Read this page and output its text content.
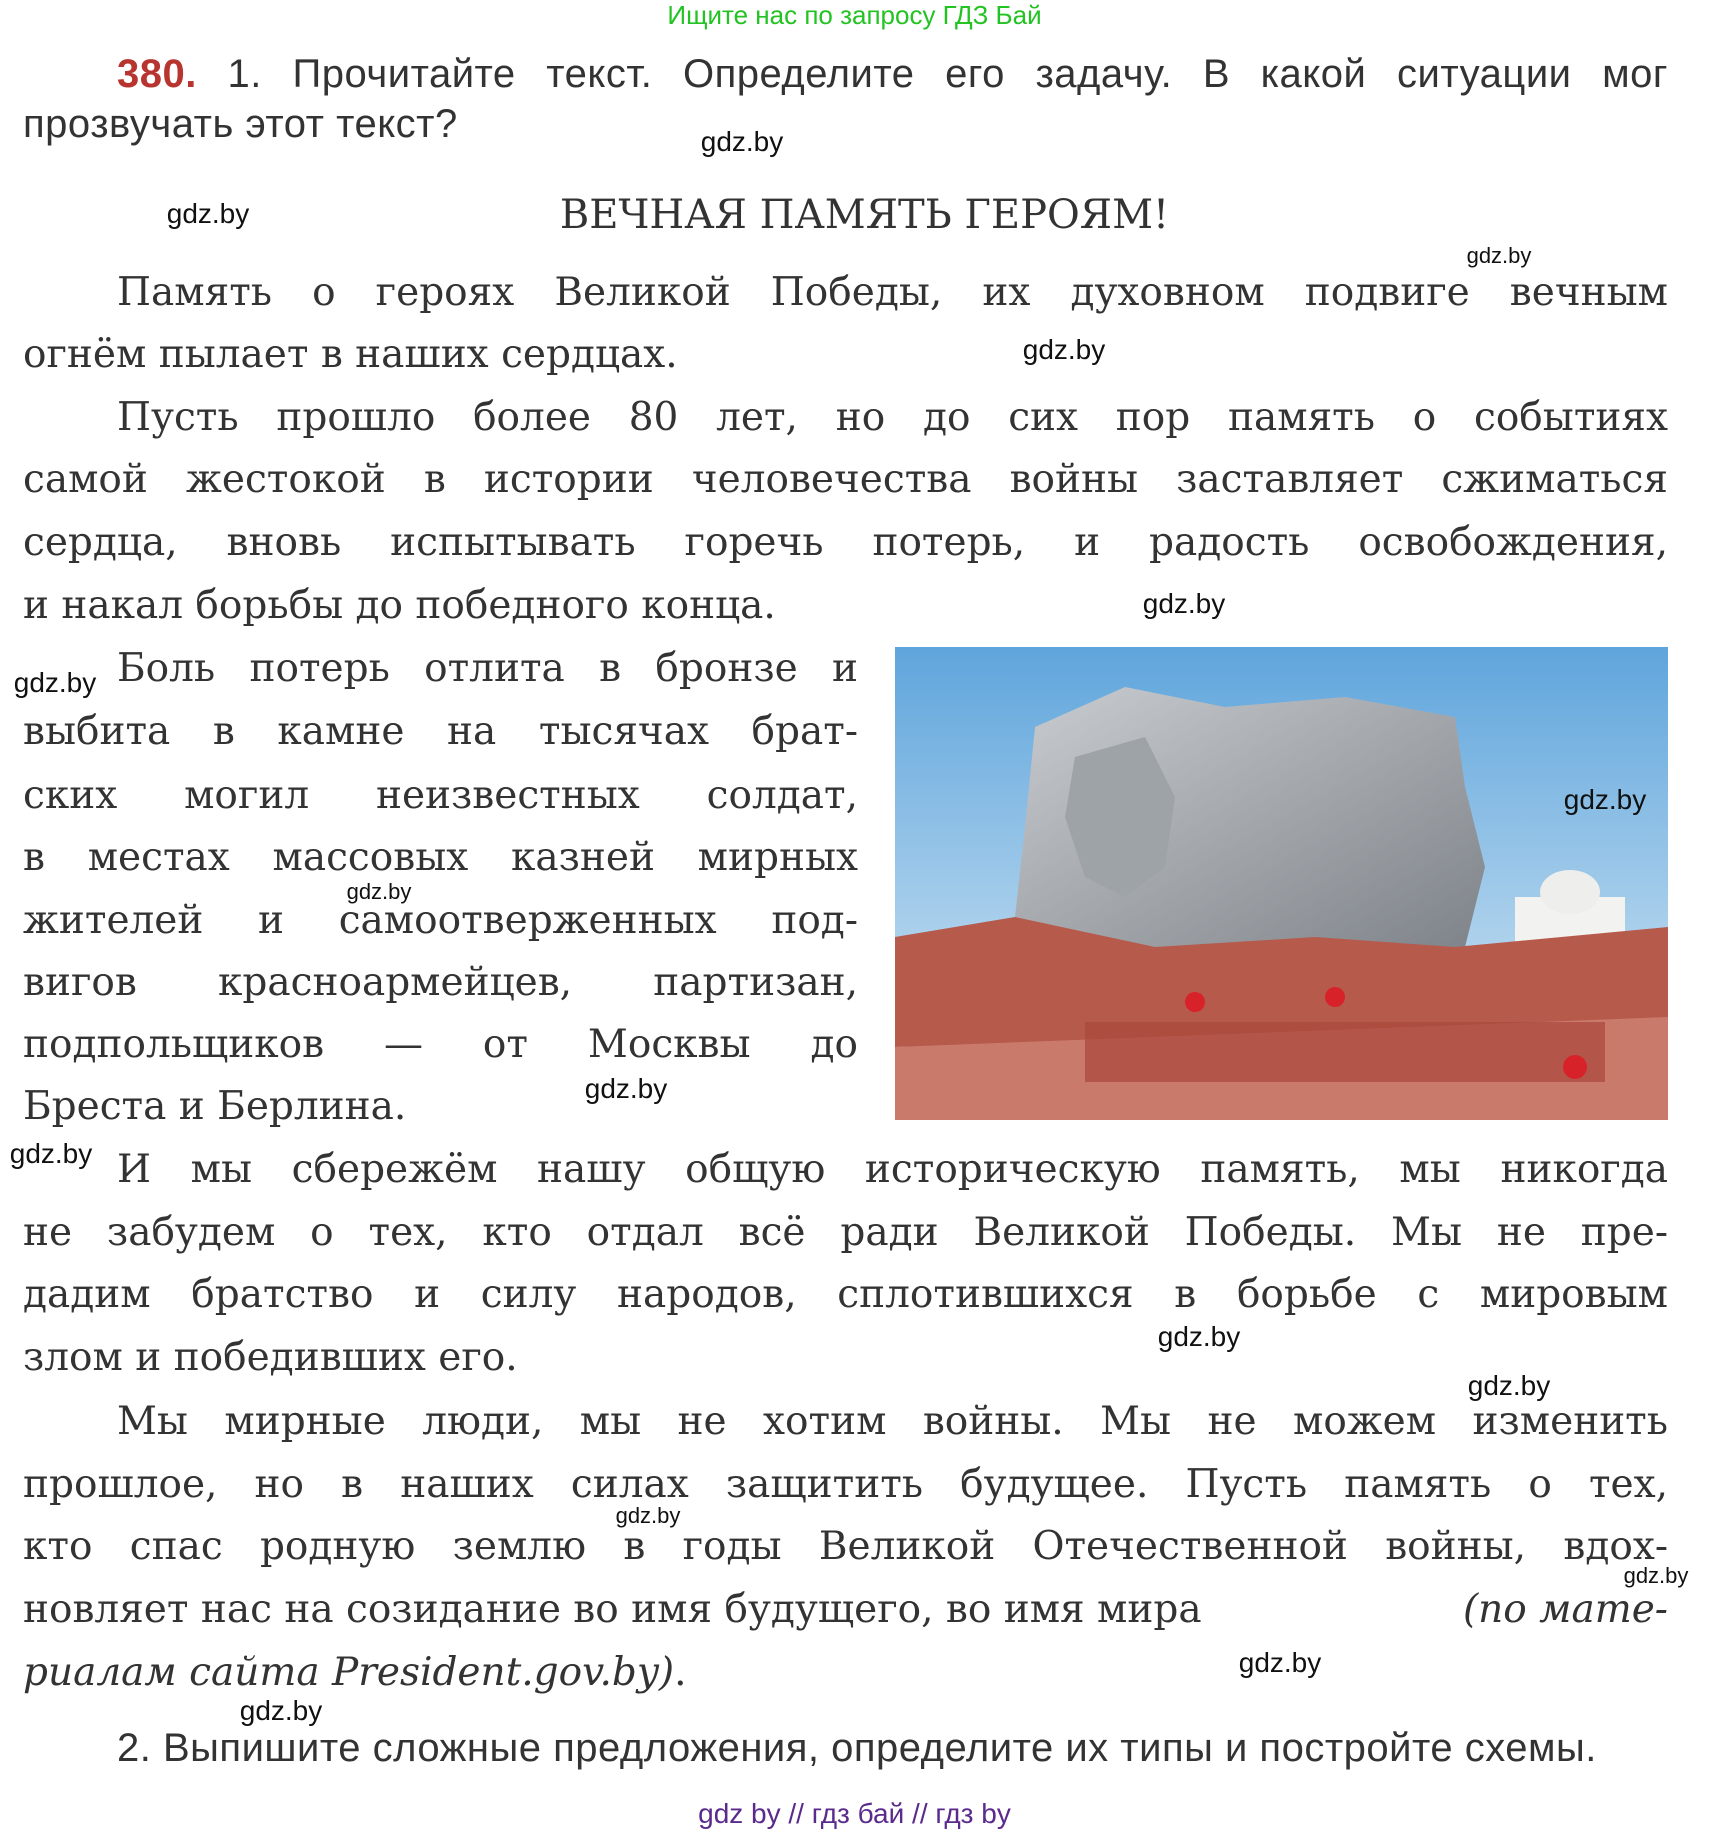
Ищите нас по запросу ГДЗ Бай
380. 1. Прочитайте текст. Определите его задачу. В какой ситуации мог
прозвучать этот текст?
ВЕЧНАЯ ПАМЯТЬ ГЕРОЯМ!
Память о героях Великой Победы, их духовном подвиге вечным
огнём пылает в наших сердцах.
Пусть прошло более 80 лет, но до сих пор память о событиях
самой жестокой в истории человечества войны заставляет сжиматься
сердца, вновь испытывать горечь потерь, и радость освобождения,
и накал борьбы до победного конца.
Боль потерь отлита в бронзе и
выбита в камне на тысячах брат-
ских могил неизвестных солдат,
в местах массовых казней мирных
жителей и самоотверженных под-
вигов красноармейцев, партизан,
подпольщиков — от Москвы до
Бреста и Берлина.
И мы сбережём нашу общую историческую память, мы никогда
не забудем о тех, кто отдал всё ради Великой Победы. Мы не пре-
дадим братство и силу народов, сплотившихся в борьбе с мировым
злом и победивших его.
Мы мирные люди, мы не хотим войны. Мы не можем изменить
прошлое, но в наших силах защитить будущее. Пусть память о тех,
кто спас родную землю в годы Великой Отечественной войны, вдох-
новляет нас на созидание во имя будущего, во имя мира	(по мате-
риалам сайта President.gov.by).
2. Выпишите сложные предложения, определите их типы и постройте схемы.
gdz.by
gdz.by
gdz.by
gdz.by
gdz.by
gdz.by
gdz.by
gdz.by
gdz.by
gdz.by
gdz.by
gdz.by
gdz.by
gdz.by
gdz.by
gdz.by
gdz by // гдз бай // гдз by
